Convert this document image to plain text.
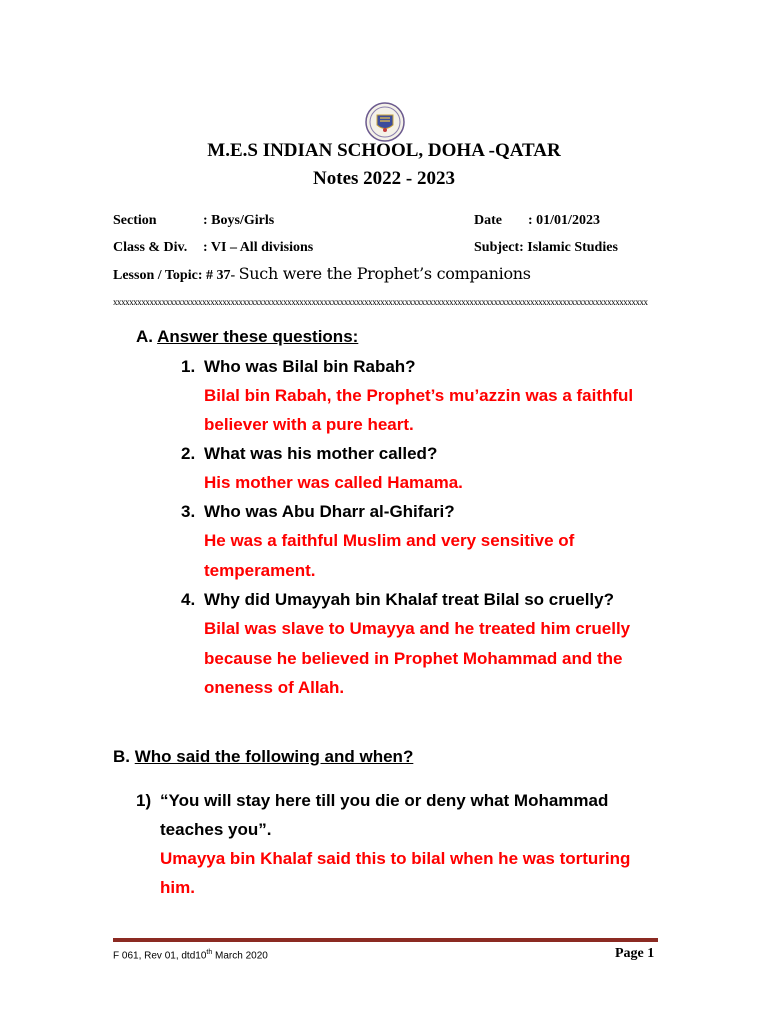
M.E.S INDIAN SCHOOL, DOHA -QATAR
Notes 2022 - 2023
Section	: Boys/Girls	Date : 01/01/2023
Class & Div. : VI – All divisions	Subject: Islamic Studies
Lesson / Topic: # 37- Such were the Prophet’s companions
xxxxxxxxxxxxxxxxxxxxxxxxxxxxxxxxxxxxxxxxxxxxxxxxxxxxxxxxxxxxxxxxxxxxxxxxxxxxxxxxxxxxxxxxxxxxxxxxxxxxxxxxxxxxxxxxxxxxxxxxxxxxxxxxxxxx
A. Answer these questions:
1. Who was Bilal bin Rabah?
Bilal bin Rabah, the Prophet’s mu’azzin was a faithful
believer with a pure heart.
2. What was his mother called?
His mother was called Hamama.
3. Who was Abu Dharr al-Ghifari?
He was a faithful Muslim and very sensitive of
temperament.
4. Why did Umayyah bin Khalaf treat Bilal so cruelly?
Bilal was slave to Umayya and he treated him cruelly
because he believed in Prophet Mohammad and the
oneness of Allah.
B. Who said the following and when?
1) “You will stay here till you die or deny what Mohammad
teaches you”.
Umayya bin Khalaf said this to bilal when he was torturing
him.
F 061, Rev 01, dtd10th March 2020	Page 1
